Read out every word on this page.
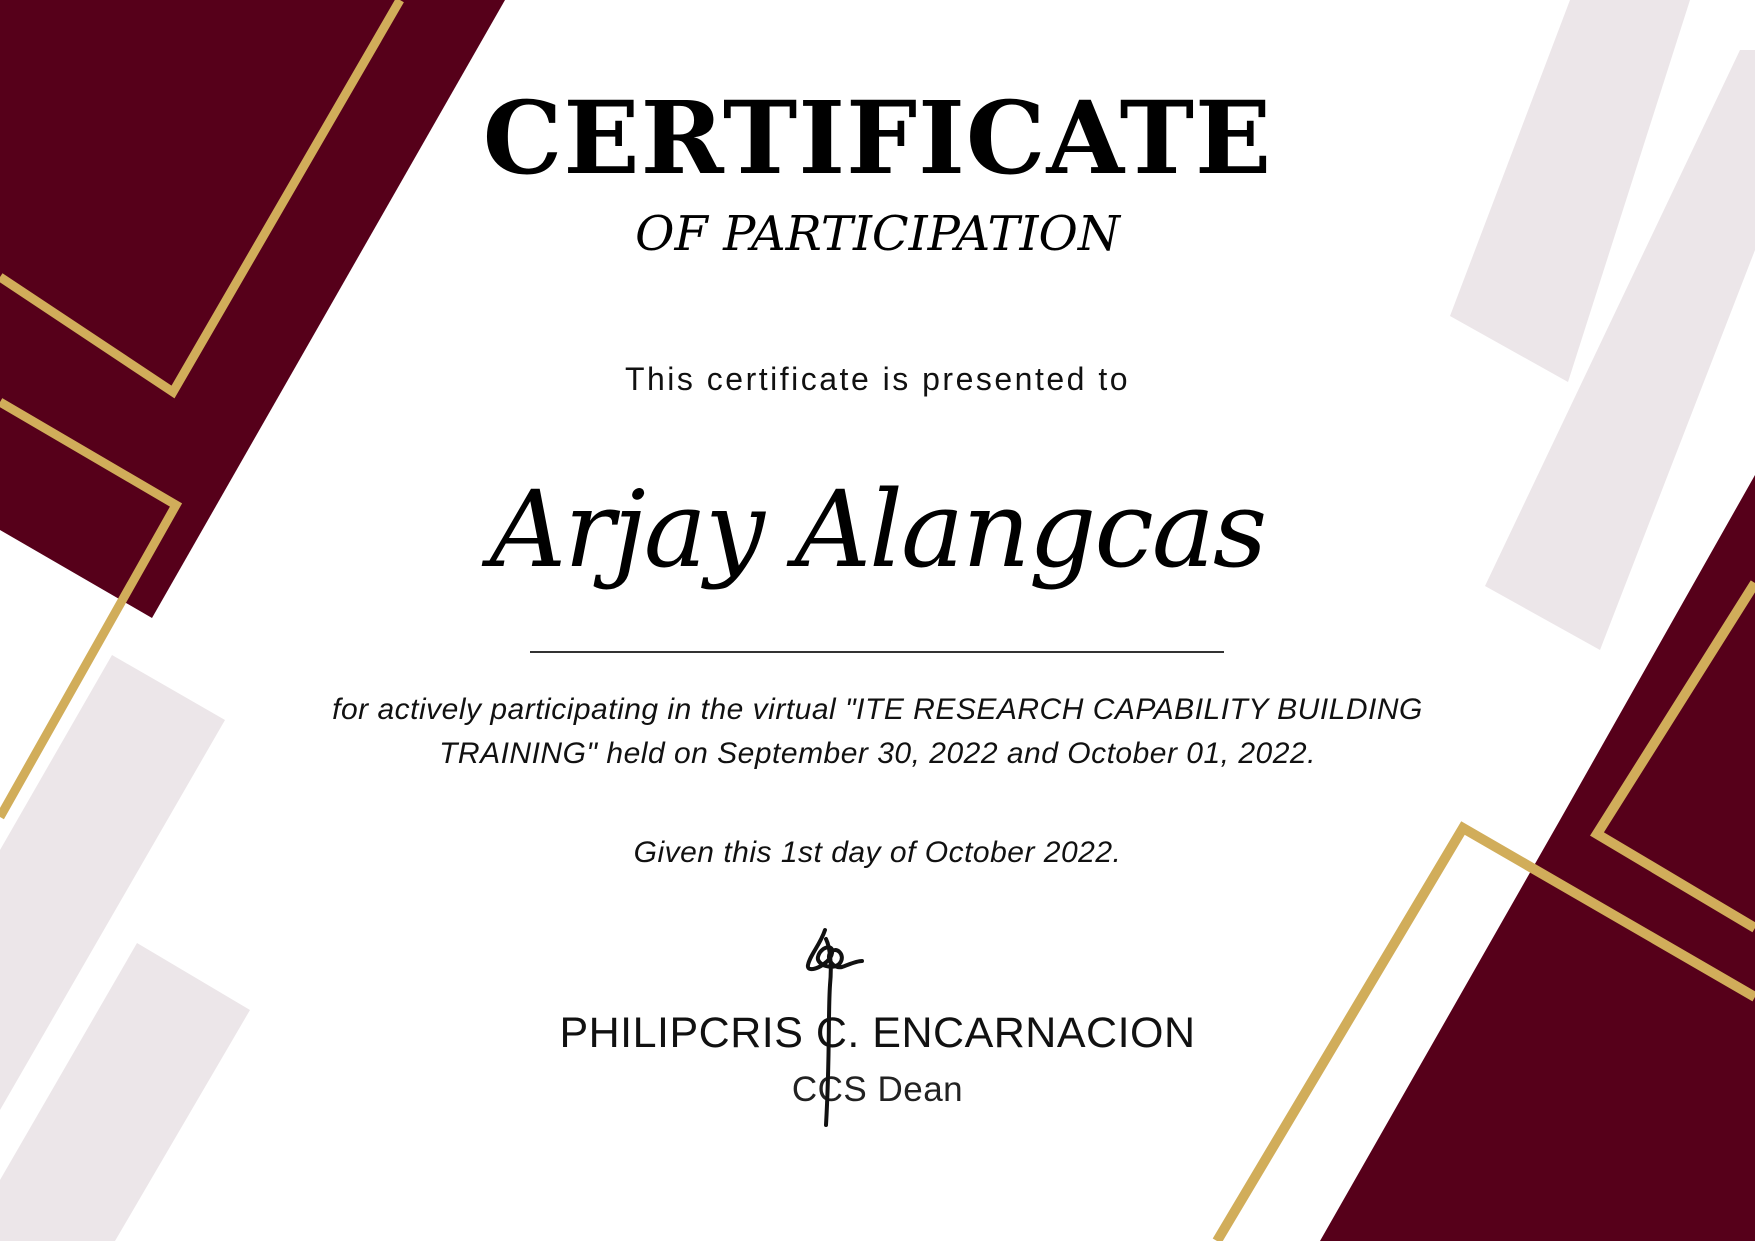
CERTIFICATE
OF PARTICIPATION
This certificate is presented to
Arjay Alangcas
for actively participating in the virtual "ITE RESEARCH CAPABILITY BUILDING TRAINING" held on September 30, 2022 and October 01, 2022.
Given this 1st day of October 2022.
PHILIPCRIS C. ENCARNACION
CCS Dean
